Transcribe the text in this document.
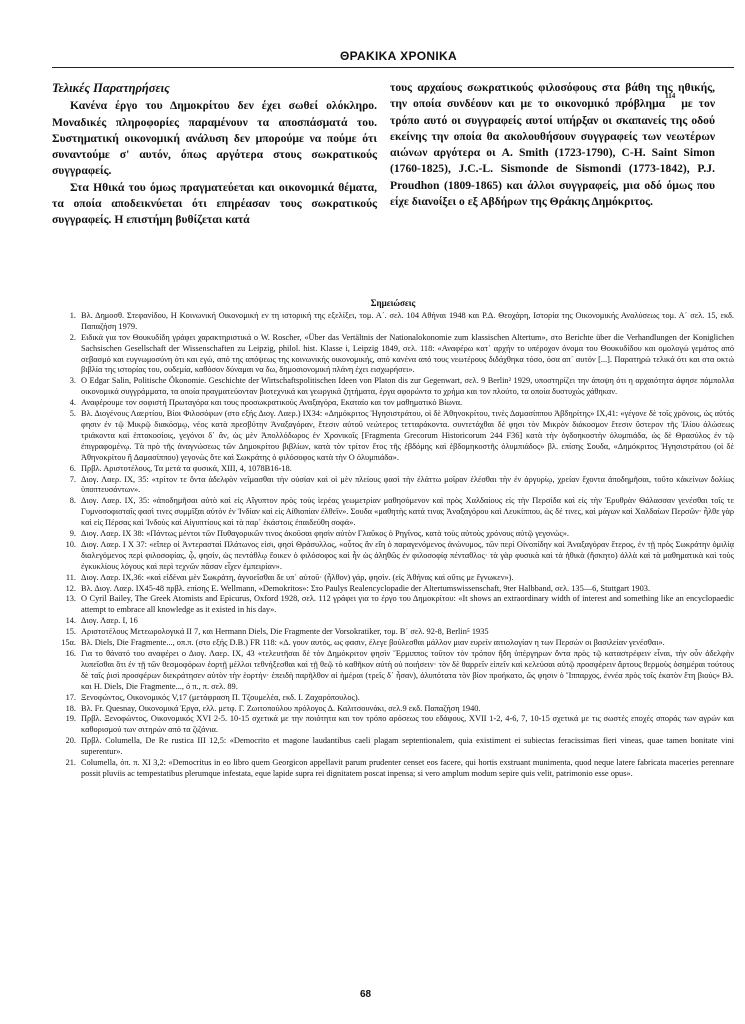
ΘΡΑΚΙΚΑ ΧΡΟΝΙΚΑ
Τελικές Παρατηρήσεις

Κανένα έργο του Δημοκρίτου δεν έχει σωθεί ολόκληρο. Μοναδικές πληροφορίες παραμένουν τα αποσπάσματά του. Συστηματική οικονομική ανάλυση δεν μπορούμε να πούμε ότι συναντούμε σ' αυτόν, όπως αργότερα στους σωκρατικούς συγγραφείς.

Στα Ηθικά του όμως πραγματεύεται και οικονομικά θέματα, τα οποία αποδεικνύεται ότι επηρέασαν τους σωκρατικούς συγγραφείς. Η επιστήμη βυθίζεται κατά

τους αρχαίους σωκρατικούς φιλοσόφους στα βάθη της ηθικής, την οποία συνδέουν και με το οικονομικό πρόβλημα$^{114}$ με τον τρόπο αυτό οι συγγραφείς αυτοί υπήρξαν οι σκαπανείς της οδού εκείνης την οποία θα ακολουθήσουν συγγραφείς των νεωτέρων αιώνων αργότερα οι A. Smith (1723-1790), C-H. Saint Simon (1760-1825), J.C.-L. Sismonde de Sismondi (1773-1842), P.J. Proudhon (1809-1865) και άλλοι συγγραφείς, μια οδό όμως που είχε διανοίξει ο εξ Αβδήρων της Θράκης Δημόκριτος.

Σημειώσεις
1. Βλ. Δημοσθ. Στεφανίδου, Η Κοινωνική Οικονομική εν τη ιστορική της εξελίξει, τομ. Α΄. σελ. 104 Αθήναι 1948 και Ρ.Δ. Θεοχάρη, Ιστορία της Οικονομικής Αναλύσεως τομ. Α΄ σελ. 15, εκδ. Παπαζήση 1979.
2. Ειδικά για τον Θουκυδίδη γράφει χαρακτηριστικά ο W. Roscher, «Über das Vertältnis der Nationalokonomie zum klassischen Altertum», στο Berichte über die Verhandlungen der Koniglichen Sachsischen Gesellschaft der Wissenschaften zu Leipzig, philol. hist. Klasse i, Leipzig 1849, σελ. 118: «Αναφέρω κατ΄ αρχήν το υπέροχον όνομα του Θουκυδίδου και ομολογώ γεμάτος από σεβασμό και ευγνωμοσύνη ότι και εγώ, από της απόψεως της κοινωνικής οικονομικής, από κανένα από τους νεωτέρους διδάχθηκα τόσο, όσα απ΄ αυτόν [...]. Παρατηρώ τελικά ότι και στα οκτώ βιβλία της ιστορίας του, ουδεμία, καθόσον δύναμαι να δω, δημοσιονομική πλάνη έχει εισχωρήσει».
3. Ο Edgar Salin, Politische Ökonomie. Geschichte der Wirtschaftspolitischen Ideen von Platon dis zur Gegenwart, σελ. 9 Berlin² 1929, υποστηρίζει την άποψη ότι η αρχαιότητα άφησε πάμπολλα οικονομικά συγγράμματα, τα οποία πραγματεύονταν βιοτεχνικά και γεωργικά ζητήματα, έργα αφορώντα το χρήμα και τον πλούτο, τα οποία δυστυχώς χάθηκαν.
4. Αναφέρουμε τον σοφιστή Πρωταγόρα και τους προσωκρατικούς Αναξαγόρα, Εκαταίο και τον μαθηματικό Βίωνα.
5. Βλ. Διογένους Λαερτίου, Βίοι Φιλοσόφων (στο εξής Διογ. Λαερ.) IX34: «Δημόκριτος Ἡγησιστράτου, οἱ δὲ Ἀθηνοκρίτου, τινὲς Δαμασίππου Ἀβδηρίτης» IX,41: «γέγονε δὲ τοῖς χρόνοις, ὡς αὐτός φησιν ἐν τῷ Μικρῷ διακόσμῳ, νέος κατὰ πρεσβύτην Ἀναξαγόραν, ἔτεσιν αὐτοῦ νεώτερος τετταράκοντα. συντετάχθαι δέ φησι τὸν Μικρὸν διάκοσμον ἔτεσιν ὕστερον τῆς Ἰλίου ἁλώσεως τριάκοντα καὶ ἑπτακοσίοις, γεγόνοι δ᾽ ἄν, ὡς μὲν Ἀπολλόδωρος ἐν Χρονικοῖς [Fragmenta Grecorum Historicorum 244 F36] κατὰ τὴν ὀγδοηκοστὴν ὀλυμπιάδα, ὡς δὲ Θρασύλος ἐν τῷ ἐπιγραφομένῳ. Τὰ πρὸ τῆς ἀναγνώσεως τῶν Δημοκρίτου βιβλίων, κατὰ τὸν τρίτον ἔτος τῆς ἑβδόμης καὶ ἑβδομηκοστῆς ὀλυμπιάδος» βλ. επίσης Σουδα, «Δημόκριτος Ἡγησιστράτου (οἱ δὲ Ἀθηνοκρίτου ἢ Δαμασίππου) γεγονὼς ὅτε καὶ Σωκράτης ὁ φιλόσοφος κατὰ τὴν Ο ὀλυμπιάδα».
6. Πρβλ. Αριστοτέλους, Τα μετά τα φυσικά, XIII, 4, 1078B16-18.
7. Διογ. Λαερ. IX, 35: «τρίτον τε ὄντα ἀδελφὸν νεῖμασθαι τὴν οὐσίαν καὶ οἱ μὲν πλείους φασὶ τὴν ἐλάττω μοῖραν ἑλέσθαι τὴν ἐν ἀργυρίῳ, χρείαν ἔχοντα ἀποδημῆσαι, τοῦτο κἀκείνων δολίως ὑποπτευσάντων».
8. Διογ. Λαερ. IX, 35: «ἀποδημῆσαι αὐτὸ καὶ εἰς Αἴγυπτον πρὸς τοὺς ἱερέας γεωμετρίαν μαθησόμενον καὶ πρὸς Χαλδαίους εἰς τὴν Περσίδα καὶ εἰς τὴν Ἐρυθρὰν Θάλασσαν γενέσθαι τοῖς τε Γυμνοσοφισταῖς φασὶ τινες συμμῖξαι αὐτὸν ἐν Ἰνδίαν καὶ εἰς Αἰθιοπίαν ἐλθεῖν». Σουδα «μαθητὴς κατά τινας Ἀναξαγόρου καὶ Λευκίππου, ὡς δέ τινες, καὶ μάγων καὶ Χαλδαίων Περσῶν· ἦλθε γὰρ καὶ εἰς Πέρσας καὶ Ἰνδοὺς καὶ Αἰγυπτίους καὶ τὰ παρ᾽ ἑκάστοις ἐπαιδεύθη σοφά».
9. Διογ. Λαερ. IX 38: «Πάντως μέντοι τῶν Πυθαγορικῶν τινος ἀκοῦσαι φησὶν αὐτὸν Γλαῦκος ὁ Ρηγῖνος, κατὰ τοὺς αὐτοὺς χρόνους αὐτῷ γεγονώς».
10. Διογ. Λαερ. I Χ 37: «εἴπερ οἱ Ἀντερασταὶ Πλάτωνος εἰσι, φησὶ Θράσυλλος, «οὗτος ἂν εἴη ὁ παραγενόμενος ἀνώνυμος, τῶν περὶ Οἰνοπίδην καὶ Ἀναξαγόραν ἕτερος, ἐν τῇ πρὸς Σωκράτην ὁμιλίᾳ διαλεγόμενος περὶ φιλοσοφίας, ᾧ, φησίν, ὡς πεντάθλῳ ἔοικεν ὁ φιλόσοφος καὶ ἦν ὡς ἀληθῶς ἐν φιλοσοφίᾳ πένταθλος· τὰ γὰρ φυσικὰ καὶ τὰ ἠθικὰ (ἤσκητο) ἀλλὰ καὶ τὰ μαθηματικὰ καὶ τοὺς ἐγκυκλίους λόγους καὶ περὶ τεχνῶν πᾶσαν εἶχεν ἐμπειρίαν».
11. Διογ. Λαερ. IX,36: «καὶ εἰδέναι μὲν Σωκράτη, ἀγνοεῖσθαι δε υπ΄ αὐτοῦ· (ἦλθον) γάρ, φησίν. (εἰς Ἀθήνας καὶ οὔτις με ἔγνωκεν»).
12. Βλ. Διογ. Λαερ. IX45-48 πρβλ. επίσης Ε. Wellmann, «Demokritos»: Στο Paulys Realencyclopadie der Altertumswissenschaft, 9ter Halbband, σελ. 135—6, Stuttgart 1903.
13. Ο Cyril Bailey, The Greek Atomists and Epicurus, Oxford 1928, σελ. 112 γράφει για το έργο του Δημοκρίτου: «It shows an extraordinary width of interest and something like an encyclopaedic attempt to embrace all knowledge as it existed in his day».
14. Διογ. Λαερ. I, 16
15. Αριστοτέλους Μετεωρολογικά ΙΙ 7, και Hermann Diels, Die Fragmente der Vorsokratiker, τομ. Β΄ σελ. 92-8, Berlin⁵ 1935
15α. Βλ. Diels, Die Fragmente..., οπ.π. (στο εξής D.B.) FR 118: «Δ. γουν αυτός, ως φασιν, έλεγε βούλεσθαι μάλλον μιαν ευρείν αιτιολογίαν η των Περσών οι βασιλείαν γενέσθαι».
16. Για το θάνατό του αναφέρει ο Διογ. Λαερ. IX, 43 «τελευτῆσαι δὲ τὸν Δημόκριτον φησὶν Ἕρμιππος τοῦτον τὸν τρόπον ἤδη ὑπέργηρων ὄντα πρὸς τῷ καταστρέφειν εἶναι, τὴν οὖν ἀδελφὴν λυπεῖσθαι ὅτι ἐν τῇ τῶν θεσμοφόρων ἑορτῇ μέλλοι τεθνήξεσθαι καὶ τῇ θεῷ τὸ καθῆκον αὐτὴ οὐ ποιήσειν· τὸν δὲ θαρρεῖν εἰπεῖν καὶ κελεύσαι αὐτῷ προσφέρειν ἄρτους θερμοὺς ὁσημέραι τούτους δὲ ταῖς ῥισὶ προσφέρων διεκράτησεν αὐτὸν τὴν ἑορτήν· ἐπειδὴ παρῆλθον αἱ ἡμέραι (τρεῖς δ᾽ ἦσαν), ἀλυπότατα τὸν βίον προήκατο, ὥς φησιν ὁ Ἵππαρχος, ἐννέα πρὸς τοῖς ἑκατὸν ἔτη βιούς» Βλ. και Η. Diels, Die Fragmente..., ό π., π. σελ. 89.
17. Ξενοφώντος, Οικονομικός V,17 (μετάφραση Π. Τζουμελέα, εκδ. Ι. Ζαχαρόπουλος).
18. Βλ. Fr. Quesnay, Οικονομικά Έργα, ελλ. μετφ. Γ. Ζωιτοπούλου πρόλογος Δ. Καλιτσουνάκι, σελ.9 εκδ. Παπαζήση 1940.
19. Πρβλ. Ξενοφώντος, Οικονομικός XVI 2-5. 10-15 σχετικά με την ποιότητα και τον τρόπο αρόσεως του εδάφους, XVII 1-2, 4-6, 7, 10-15 σχετικά με τις σωστές εποχές σποράς των αγρών και καθορισμού των σιτηρών από τα ζιζάνια.
20. Πρβλ. Columella, De Re rustica III 12,5: «Democrito et magone laudantibus caeli plagam septentionalem, quia existiment ei subiectas feracissimas fieri vineas, quae tamen bonitate vini superentur».
21. Columella, όπ. π. XI 3,2: «Democritus in eo libro quem Georgicon appellavit parum prudenter censet eos facere, qui hortis exstruant munimenta, quod neque latere fabricata maceries perennare possit pluviis ac tempestatibus plerumque infestata, eque lapide supra rei dignitatem poscat inpensa; si vero amplum modum sepire quis velit, patrimonio esse opus».
68
